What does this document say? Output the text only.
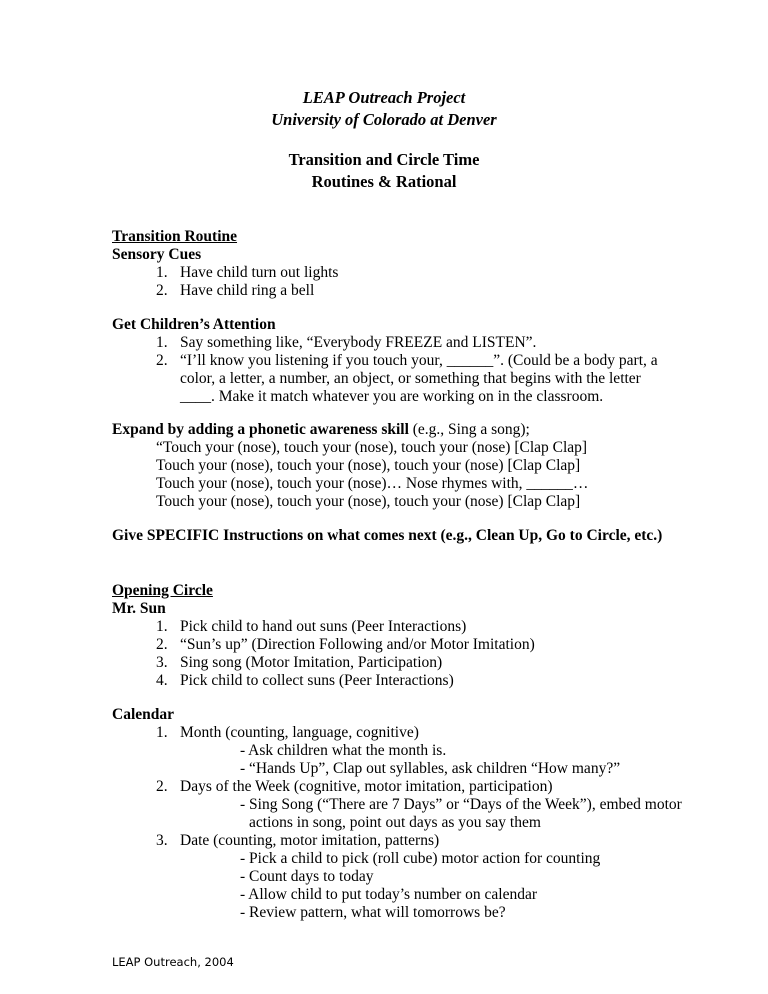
LEAP Outreach Project
University of Colorado at Denver
Transition and Circle Time
Routines & Rational
Transition Routine
Sensory Cues
1. Have child turn out lights
2. Have child ring a bell
Get Children’s Attention
1. Say something like, “Everybody FREEZE and LISTEN”.
2. “I’ll know you listening if you touch your, ______”. (Could be a body part, a
color, a letter, a number, an object, or something that begins with the letter
____. Make it match whatever you are working on in the classroom.
Expand by adding a phonetic awareness skill (e.g., Sing a song);
“Touch your (nose), touch your (nose), touch your (nose) [Clap Clap]
Touch your (nose), touch your (nose), touch your (nose) [Clap Clap]
Touch your (nose), touch your (nose)… Nose rhymes with, ______…
Touch your (nose), touch your (nose), touch your (nose) [Clap Clap]
Give SPECIFIC Instructions on what comes next (e.g., Clean Up, Go to Circle, etc.)
Opening Circle
Mr. Sun
1. Pick child to hand out suns (Peer Interactions)
2. “Sun’s up” (Direction Following and/or Motor Imitation)
3. Sing song (Motor Imitation, Participation)
4. Pick child to collect suns (Peer Interactions)
Calendar
1. Month (counting, language, cognitive)
- Ask children what the month is.
- “Hands Up”, Clap out syllables, ask children “How many?”
2. Days of the Week (cognitive, motor imitation, participation)
- Sing Song (“There are 7 Days” or “Days of the Week”), embed motor
actions in song, point out days as you say them
3. Date (counting, motor imitation, patterns)
- Pick a child to pick (roll cube) motor action for counting
- Count days to today
- Allow child to put today’s number on calendar
- Review pattern, what will tomorrows be?
LEAP Outreach, 2004
